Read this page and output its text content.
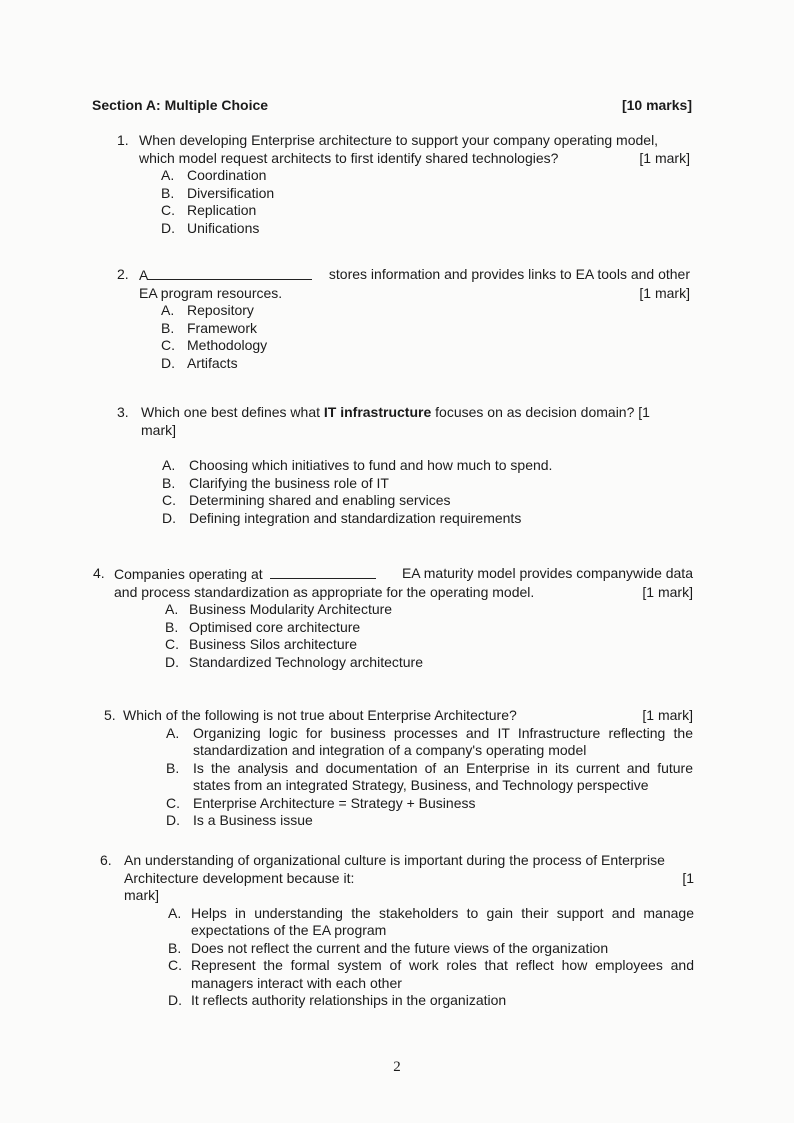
Section A: Multiple Choice	[10 marks]
1. When developing Enterprise architecture to support your company operating model,
which model request architects to first identify shared technologies?	[1 mark]
A. Coordination
B. Diversification
C. Replication
D. Unifications
2. A	stores information and provides links to EA tools and other
EA program resources.	[1 mark]
A. Repository
B. Framework
C. Methodology
D. Artifacts
3. Which one best defines what IT infrastructure focuses on as decision domain? [1
mark]
A. Choosing which initiatives to fund and how much to spend.
B. Clarifying the business role of IT
C. Determining shared and enabling services
D. Defining integration and standardization requirements
4. Companies operating at	EA maturity model provides companywide data
and process standardization as appropriate for the operating model.	[1 mark]
A. Business Modularity Architecture
B. Optimised core architecture
C. Business Silos architecture
D. Standardized Technology architecture
5. Which of the following is not true about Enterprise Architecture?	[1 mark]
A. Organizing logic for business processes and IT Infrastructure reflecting the standardization and integration of a company's operating model
B. Is the analysis and documentation of an Enterprise in its current and future states from an integrated Strategy, Business, and Technology perspective
C. Enterprise Architecture = Strategy + Business
D. Is a Business issue
6. An understanding of organizational culture is important during the process of Enterprise
Architecture development because it:	[1
mark]
A. Helps in understanding the stakeholders to gain their support and manage expectations of the EA program
B. Does not reflect the current and the future views of the organization
C. Represent the formal system of work roles that reflect how employees and managers interact with each other
D. It reflects authority relationships in the organization
2
